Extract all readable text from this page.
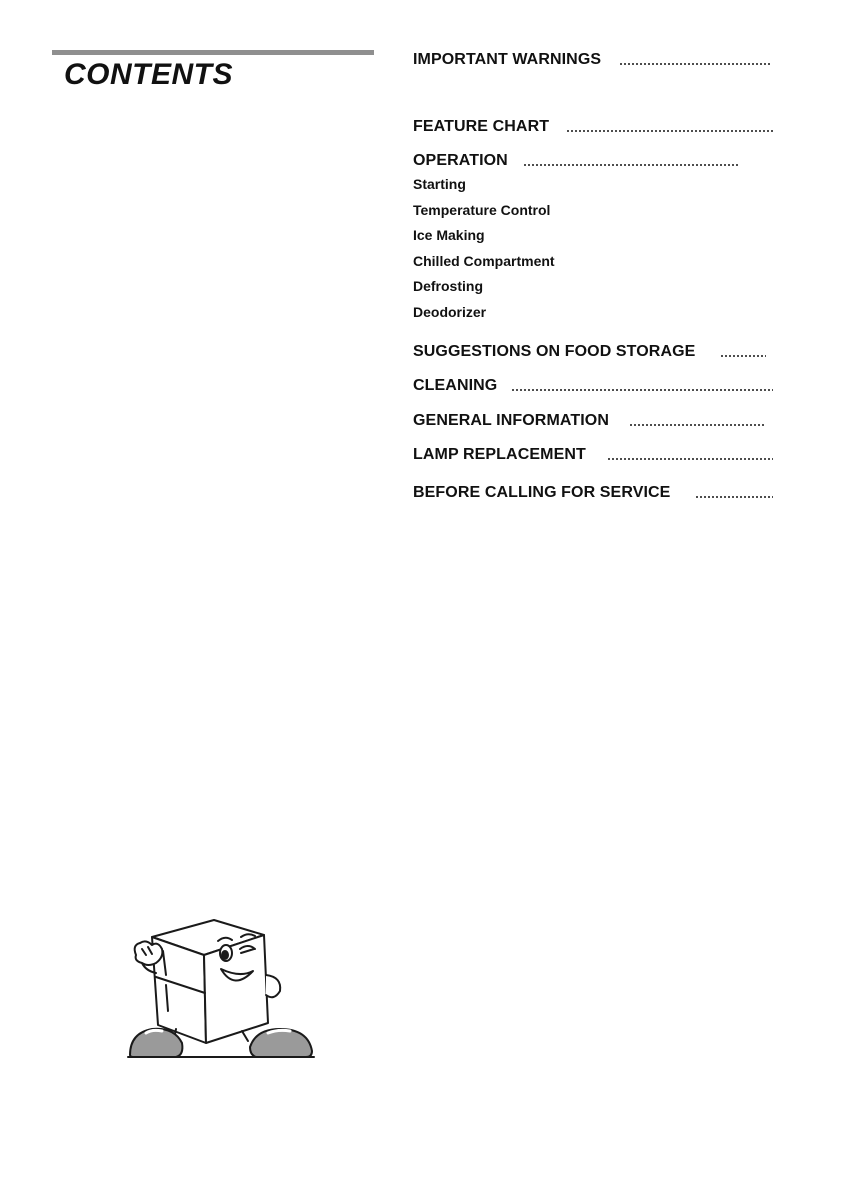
CONTENTS	IMPORTANT WARNINGS
FEATURE CHART
OPERATION
Starting
Temperature Control
Ice Making
Chilled Compartment
Defrosting
Deodorizer
SUGGESTIONS ON FOOD STORAGE
CLEANING
GENERAL INFORMATION
LAMP REPLACEMENT
BEFORE CALLING FOR SERVICE
